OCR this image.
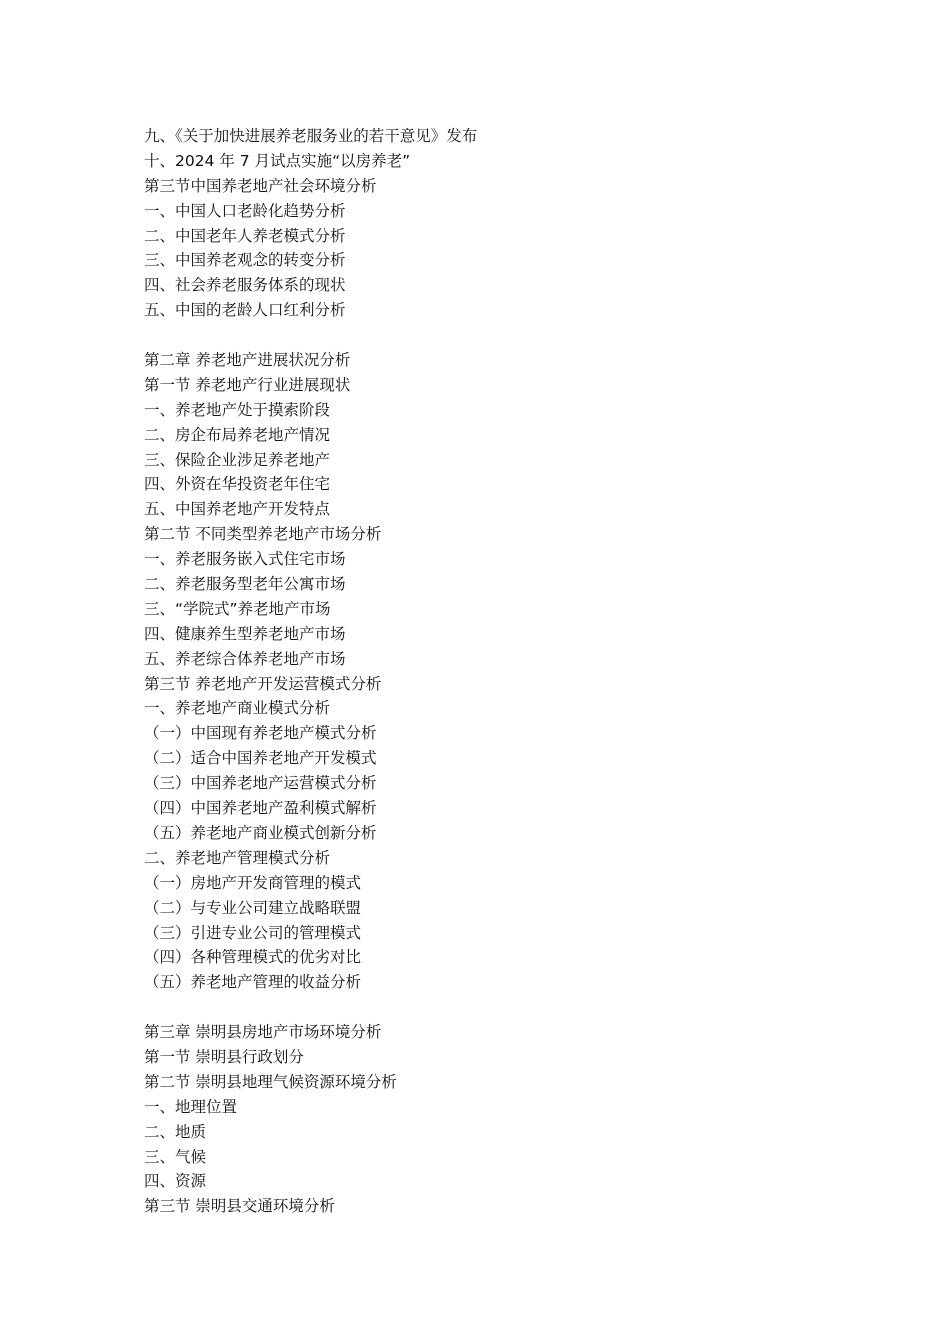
九、《关于加快进展养老服务业的若干意见》发布
十、2024 年 7 月试点实施“以房养老”
第三节中国养老地产社会环境分析
一、中国人口老龄化趋势分析
二、中国老年人养老模式分析
三、中国养老观念的转变分析
四、社会养老服务体系的现状
五、中国的老龄人口红利分析
第二章 养老地产进展状况分析
第一节 养老地产行业进展现状
一、养老地产处于摸索阶段
二、房企布局养老地产情况
三、保险企业涉足养老地产
四、外资在华投资老年住宅
五、中国养老地产开发特点
第二节 不同类型养老地产市场分析
一、养老服务嵌入式住宅市场
二、养老服务型老年公寓市场
三、“学院式”养老地产市场
四、健康养生型养老地产市场
五、养老综合体养老地产市场
第三节 养老地产开发运营模式分析
一、养老地产商业模式分析
（一）中国现有养老地产模式分析
（二）适合中国养老地产开发模式
（三）中国养老地产运营模式分析
（四）中国养老地产盈利模式解析
（五）养老地产商业模式创新分析
二、养老地产管理模式分析
（一）房地产开发商管理的模式
（二）与专业公司建立战略联盟
（三）引进专业公司的管理模式
（四）各种管理模式的优劣对比
（五）养老地产管理的收益分析
第三章 崇明县房地产市场环境分析
第一节 崇明县行政划分
第二节 崇明县地理气候资源环境分析
一、地理位置
二、地质
三、气候
四、资源
第三节 崇明县交通环境分析
